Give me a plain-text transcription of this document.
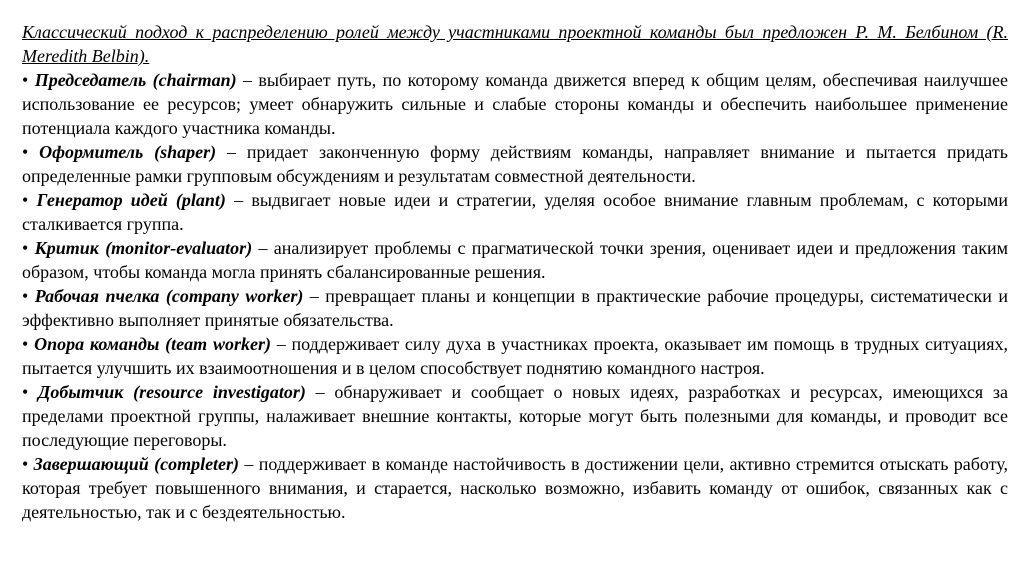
Классический подход к распределению ролей между участниками проектной команды был предложен Р. М. Белбином (R. Meredith Belbin).

• Председатель (chairman) – выбирает путь, по которому команда движется вперед к общим целям, обеспечивая наилучшее использование ее ресурсов; умеет обнаружить сильные и слабые стороны команды и обеспечить наибольшее применение потенциала каждого участника команды.

• Оформитель (shaper) – придает законченную форму действиям команды, направляет внимание и пытается придать определенные рамки групповым обсуждениям и результатам совместной деятельности.

• Генератор идей (plant) – выдвигает новые идеи и стратегии, уделяя особое внимание главным проблемам, с которыми сталкивается группа.

• Критик (monitor-evaluator) – анализирует проблемы с прагматической точки зрения, оценивает идеи и предложения таким образом, чтобы команда могла принять сбалансированные решения.

• Рабочая пчелка (company worker) – превращает планы и концепции в практические рабочие процедуры, систематически и эффективно выполняет принятые обязательства.

• Опора команды (team worker) – поддерживает силу духа в участниках проекта, оказывает им помощь в трудных ситуациях, пытается улучшить их взаимоотношения и в целом способствует поднятию командного настроя.

• Добытчик (resource investigator) – обнаруживает и сообщает о новых идеях, разработках и ресурсах, имеющихся за пределами проектной группы, налаживает внешние контакты, которые могут быть полезными для команды, и проводит все последующие переговоры.

• Завершающий (completer) – поддерживает в команде настойчивость в достижении цели, активно стремится отыскать работу, которая требует повышенного внимания, и старается, насколько возможно, избавить команду от ошибок, связанных как с деятельностью, так и с бездеятельностью.
